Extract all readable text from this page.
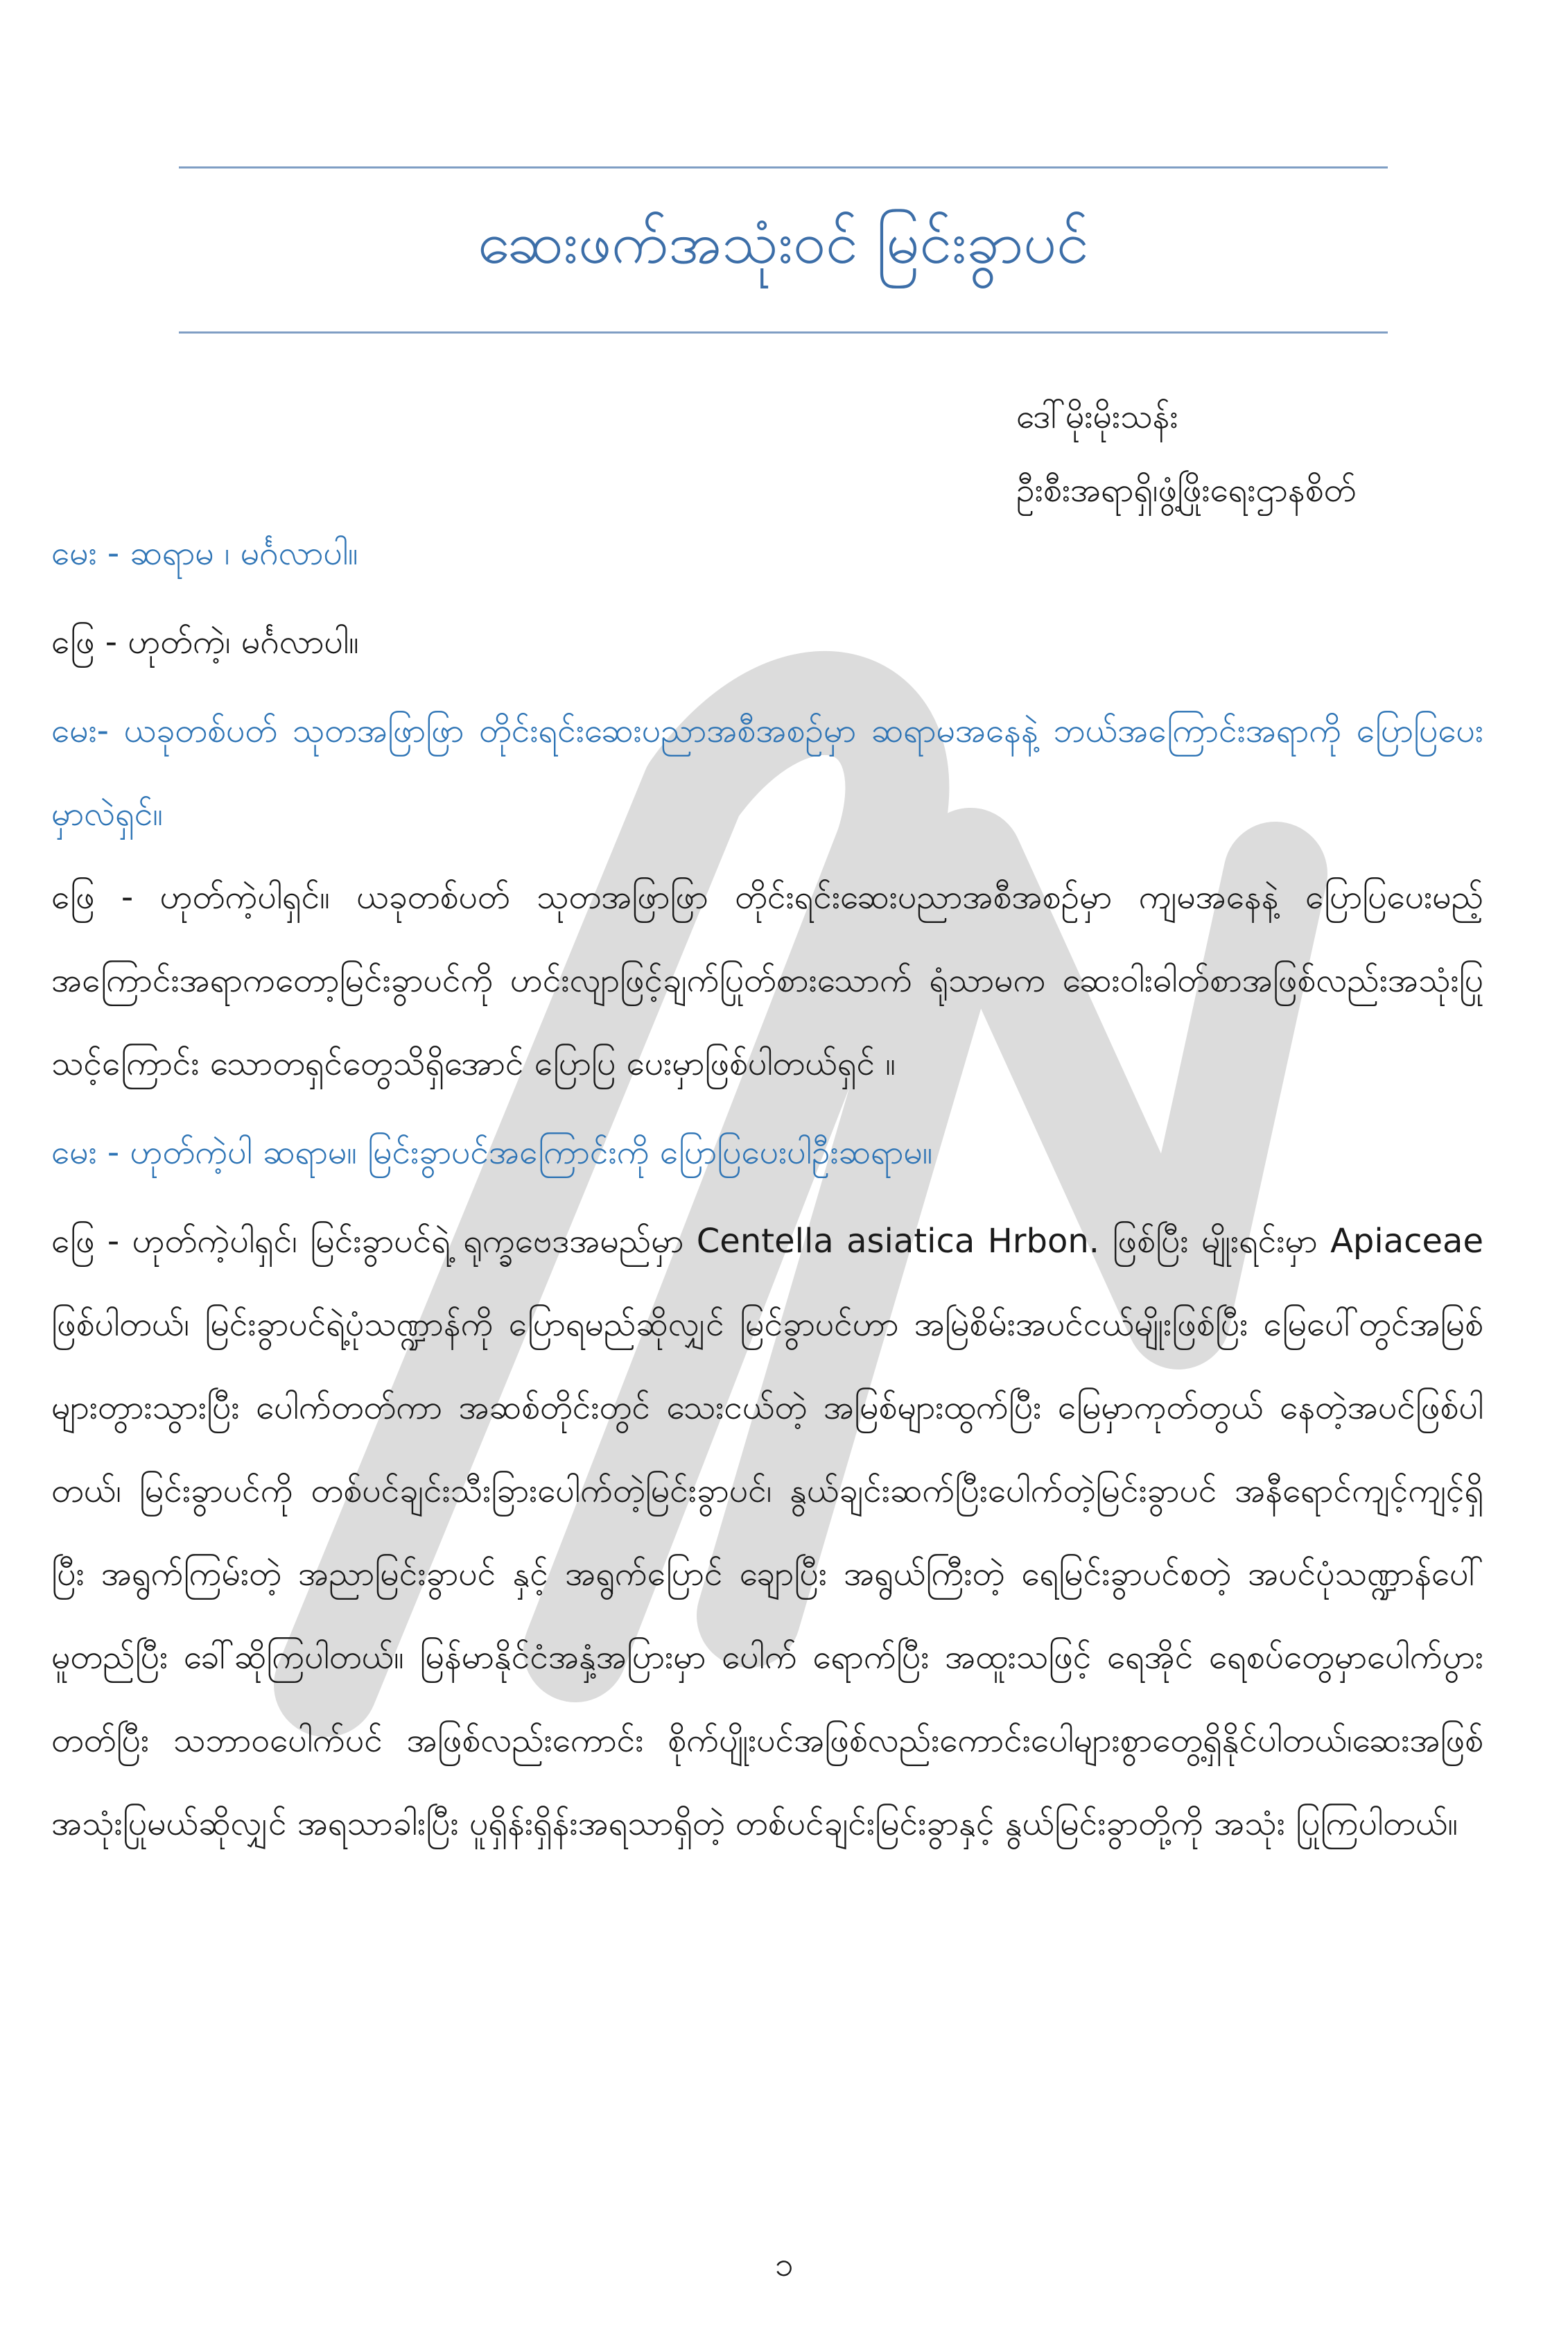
ဆေးဖက်အသုံးဝင် မြင်းခွာပင်
ဒေါ်မိုးမိုးသန်း
ဦးစီးအရာရှိ၊ဖွံ့ဖြိုးရေးဌာနစိတ်

မေး - ဆရာမ ၊ မင်္ဂလာပါ။

ဖြေ - ဟုတ်ကဲ့၊ မင်္ဂလာပါ။

မေး- ယခုတစ်ပတ် သုတအဖြာဖြာ တိုင်းရင်းဆေးပညာအစီအစဉ်မှာ ဆရာမအနေနဲ့ ဘယ်အကြောင်းအရာကို ပြောပြပေးမှာလဲရှင်။

ဖြေ - ဟုတ်ကဲ့ပါရှင်။ ယခုတစ်ပတ် သုတအဖြာဖြာ တိုင်းရင်းဆေးပညာအစီအစဉ်မှာ ကျမအနေနဲ့ ပြောပြပေးမည့် အကြောင်းအရာကတော့မြင်းခွာပင်ကို ဟင်းလျာဖြင့်ချက်ပြုတ်စားသောက် ရုံသာမက ဆေးဝါးဓါတ်စာအဖြစ်လည်းအသုံးပြုသင့်ကြောင်း သောတရှင်တွေသိရှိအောင် ပြောပြ ပေးမှာဖြစ်ပါတယ်ရှင် ။

မေး - ဟုတ်ကဲ့ပါ ဆရာမ။ မြင်းခွာပင်အကြောင်းကို ပြောပြပေးပါဦးဆရာမ။

ဖြေ - ဟုတ်ကဲ့ပါရှင်၊ မြင်းခွာပင်ရဲ့ ရုက္ခဗေဒအမည်မှာ Centella asiatica Hrbon. ဖြစ်ပြီး မျိုးရင်းမှာ Apiaceae ဖြစ်ပါတယ်၊ မြင်းခွာပင်ရဲ့ပုံသဏ္ဍာန်ကို ပြောရမည်ဆိုလျှင် မြင်ခွာပင်ဟာ အမြဲစိမ်းအပင်ငယ်မျိုးဖြစ်ပြီး မြေပေါ်တွင်အမြစ်များတွားသွားပြီး ပေါက်တတ်ကာ အဆစ်တိုင်းတွင် သေးငယ်တဲ့ အမြစ်များထွက်ပြီး မြေမှာကုတ်တွယ် နေတဲ့အပင်ဖြစ်ပါတယ်၊ မြင်းခွာပင်ကို တစ်ပင်ချင်းသီးခြားပေါက်တဲ့မြင်းခွာပင်၊ နွယ်ချင်းဆက်ပြီးပေါက်တဲ့မြင်းခွာပင် အနီရောင်ကျင့်ကျင့်ရှိပြီး အရွက်ကြမ်းတဲ့ အညာမြင်းခွာပင် နှင့် အရွက်ပြောင် ချောပြီး အရွယ်ကြီးတဲ့ ရေမြင်းခွာပင်စတဲ့ အပင်ပုံသဏ္ဍာန်ပေါ်မူတည်ပြီး ခေါ်ဆိုကြပါတယ်။ မြန်မာနိုင်ငံအနှံ့အပြားမှာ ပေါက် ရောက်ပြီး အထူးသဖြင့် ရေအိုင် ရေစပ်တွေမှာပေါက်ပွားတတ်ပြီး သဘာဝပေါက်ပင် အဖြစ်လည်းကောင်း စိုက်ပျိုးပင်အဖြစ်လည်းကောင်းပေါများစွာတွေ့ရှိနိုင်ပါတယ်၊ဆေးအဖြစ်အသုံးပြုမယ်ဆိုလျှင် အရသာခါးပြီး ပူရှိန်းရှိန်းအရသာရှိတဲ့ တစ်ပင်ချင်းမြင်းခွာနှင့် နွယ်မြင်းခွာတို့ကို အသုံး ပြုကြပါတယ်။

၁
